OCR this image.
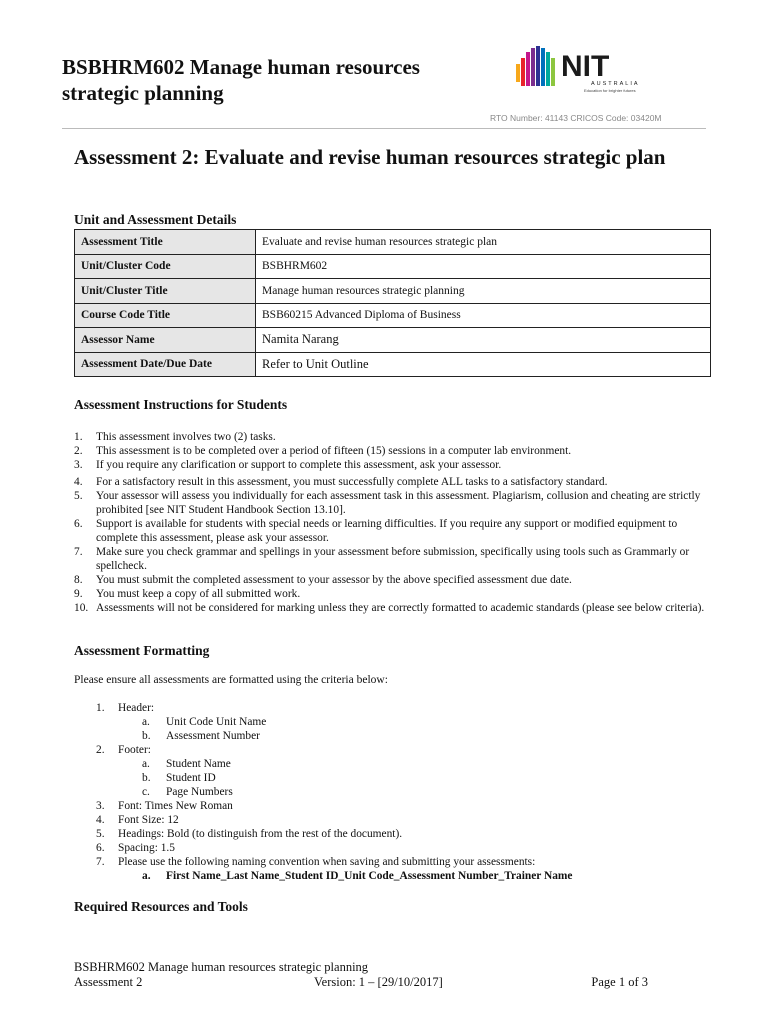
BSBHRM602 Manage human resources strategic planning
NIT
AUSTRALIA
Education for brighter futures
RTO Number: 41143 CRICOS Code: 03420M
Assessment 2: Evaluate and revise human resources strategic plan
Unit and Assessment Details
Assessment Title	Evaluate and revise human resources strategic plan
Unit/Cluster Code	BSBHRM602
Unit/Cluster Title	Manage human resources strategic planning
Course Code Title	BSB60215 Advanced Diploma of Business
Assessor Name	Namita Narang
Assessment Date/Due Date	Refer to Unit Outline
Assessment Instructions for Students
1. This assessment involves two (2) tasks.
2. This assessment is to be completed over a period of fifteen (15) sessions in a computer lab environment.
3. If you require any clarification or support to complete this assessment, ask your assessor.
4. For a satisfactory result in this assessment, you must successfully complete ALL tasks to a satisfactory standard.
5. Your assessor will assess you individually for each assessment task in this assessment. Plagiarism, collusion and cheating are strictly prohibited [see NIT Student Handbook Section 13.10].
6. Support is available for students with special needs or learning difficulties. If you require any support or modified equipment to complete this assessment, please ask your assessor.
7. Make sure you check grammar and spellings in your assessment before submission, specifically using tools such as Grammarly or spellcheck.
8. You must submit the completed assessment to your assessor by the above specified assessment due date.
9. You must keep a copy of all submitted work.
10. Assessments will not be considered for marking unless they are correctly formatted to academic standards (please see below criteria).
Assessment Formatting

Please ensure all assessments are formatted using the criteria below:

1. Header:
a. Unit Code Unit Name
b. Assessment Number
2. Footer:
a. Student Name
b. Student ID
c. Page Numbers
3. Font: Times New Roman
4. Font Size: 12
5. Headings: Bold (to distinguish from the rest of the document).
6. Spacing: 1.5
7. Please use the following naming convention when saving and submitting your assessments:
a. First Name_Last Name_Student ID_Unit Code_Assessment Number_Trainer Name
Required Resources and Tools
BSBHRM602 Manage human resources strategic planning
Assessment 2	Version: 1 – [29/10/2017]	Page 1 of 3
